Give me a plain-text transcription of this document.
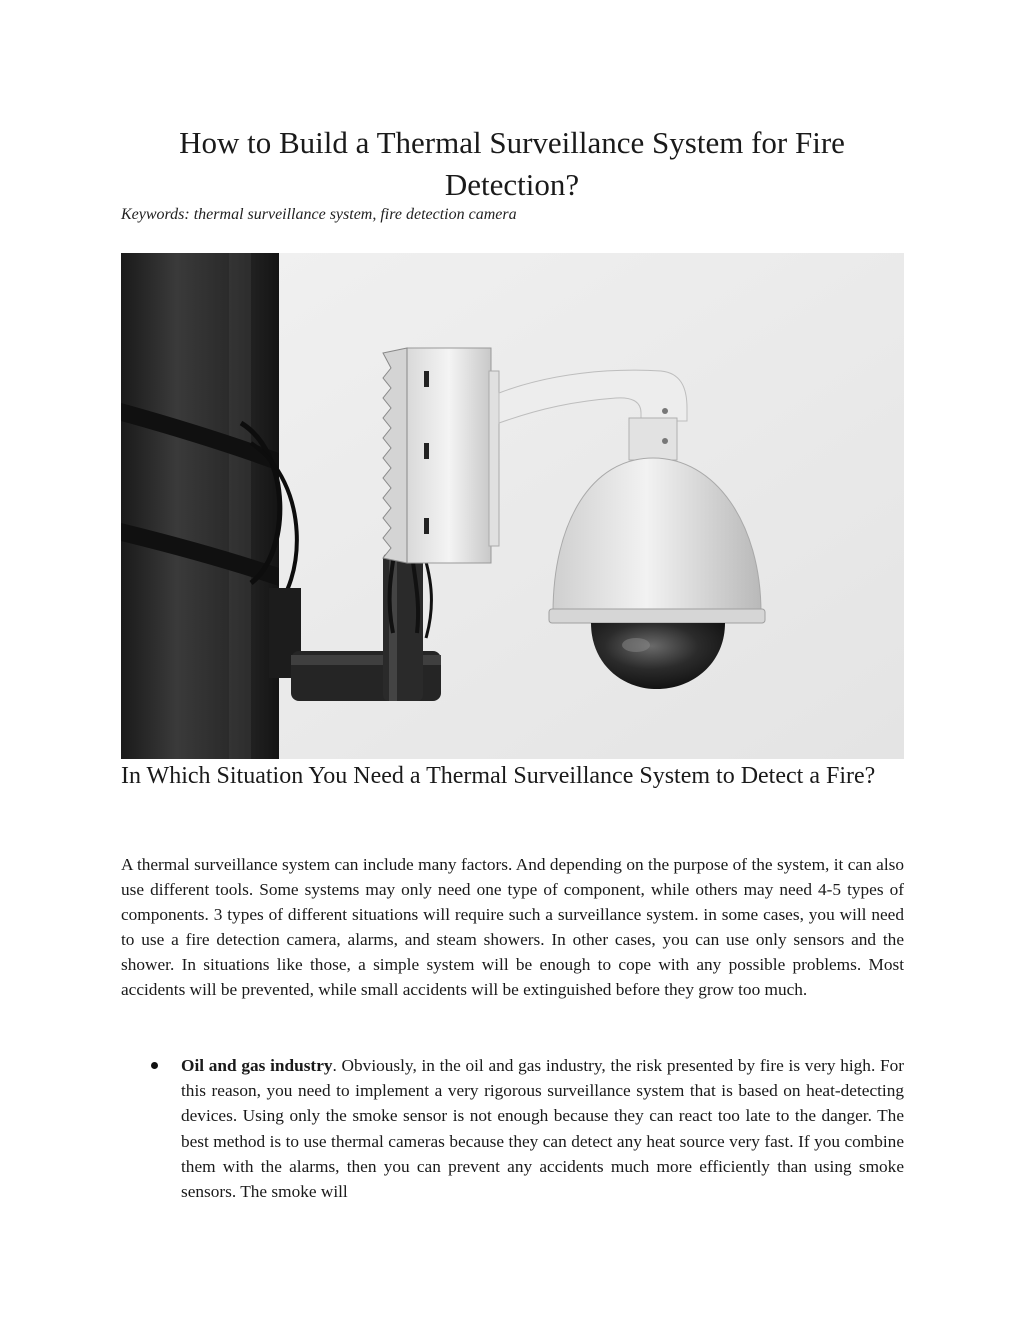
How to Build a Thermal Surveillance System for Fire Detection?

Keywords: thermal surveillance system, fire detection camera

In Which Situation You Need a Thermal Surveillance System to Detect a Fire?

A thermal surveillance system can include many factors. And depending on the purpose of the system, it can also use different tools. Some systems may only need one type of component, while others may need 4-5 types of components. 3 types of different situations will require such a surveillance system. in some cases, you will need to use a fire detection camera, alarms, and steam showers. In other cases, you can use only sensors and the shower. In situations like those, a simple system will be enough to cope with any possible problems. Most accidents will be prevented, while small accidents will be extinguished before they grow too much.

Oil and gas industry. Obviously, in the oil and gas industry, the risk presented by fire is very high. For this reason, you need to implement a very rigorous surveillance system that is based on heat-detecting devices. Using only the smoke sensor is not enough because they can react too late to the danger. The best method is to use thermal cameras because they can detect any heat source very fast. If you combine them with the alarms, then you can prevent any accidents much more efficiently than using smoke sensors. The smoke will
